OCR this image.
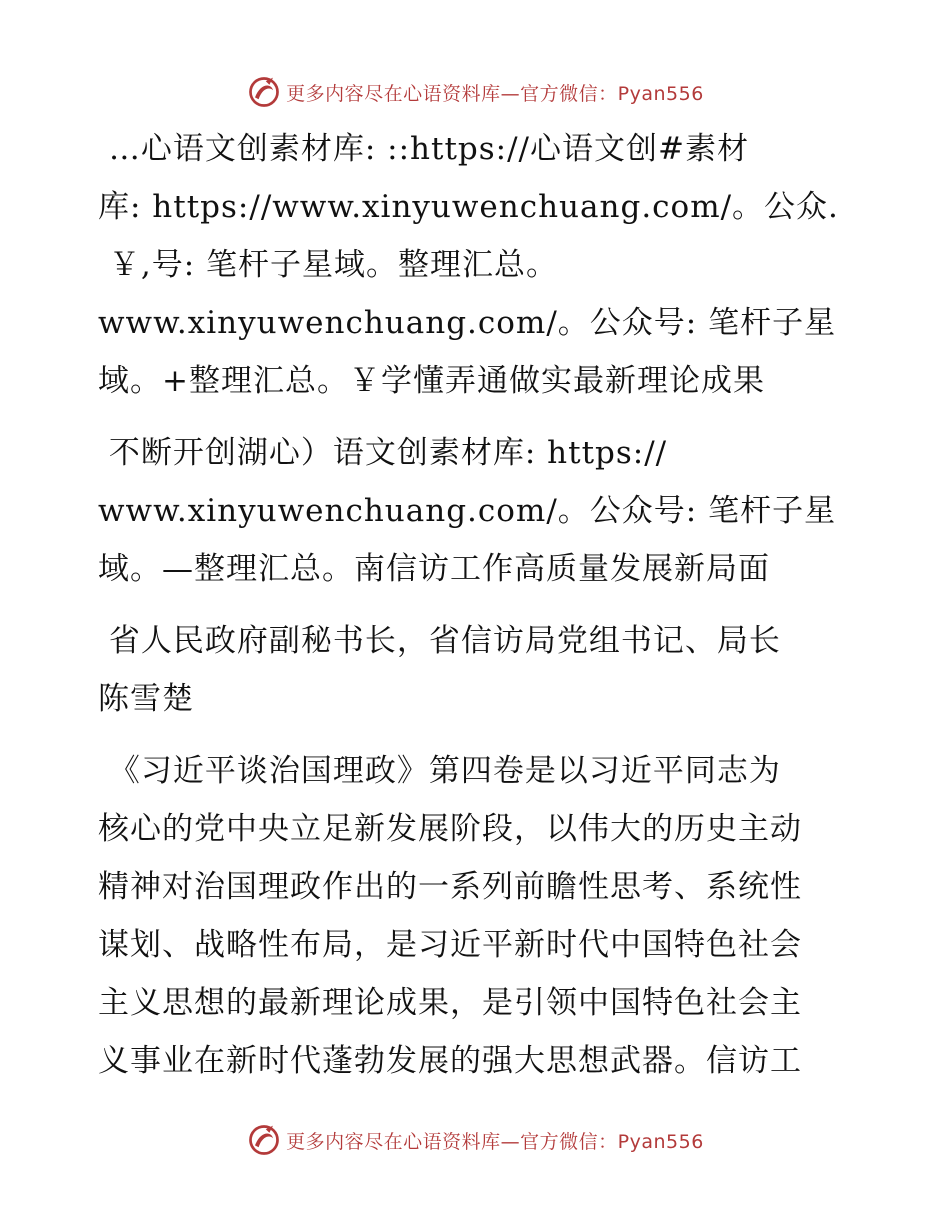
更多内容尽在心语资料库—官方微信：Pyan556
…心语文创素材库: ::https://心语文创#素材
库: https://www.xinyuwenchuang.com/。公众.
￥,号: 笔杆子星域。整理汇总。
www.xinyuwenchuang.com/。公众号: 笔杆子星
域。+整理汇总。￥学懂弄通做实最新理论成果
不断开创湖心）语文创素材库: https://
www.xinyuwenchuang.com/。公众号: 笔杆子星
域。—整理汇总。南信访工作高质量发展新局面
省人民政府副秘书长，省信访局党组书记、局长
陈雪楚
《习近平谈治国理政》第四卷是以习近平同志为
核心的党中央立足新发展阶段，以伟大的历史主动
精神对治国理政作出的一系列前瞻性思考、系统性
谋划、战略性布局，是习近平新时代中国特色社会
主义思想的最新理论成果，是引领中国特色社会主
义事业在新时代蓬勃发展的强大思想武器。信访工
更多内容尽在心语资料库—官方微信：Pyan556
